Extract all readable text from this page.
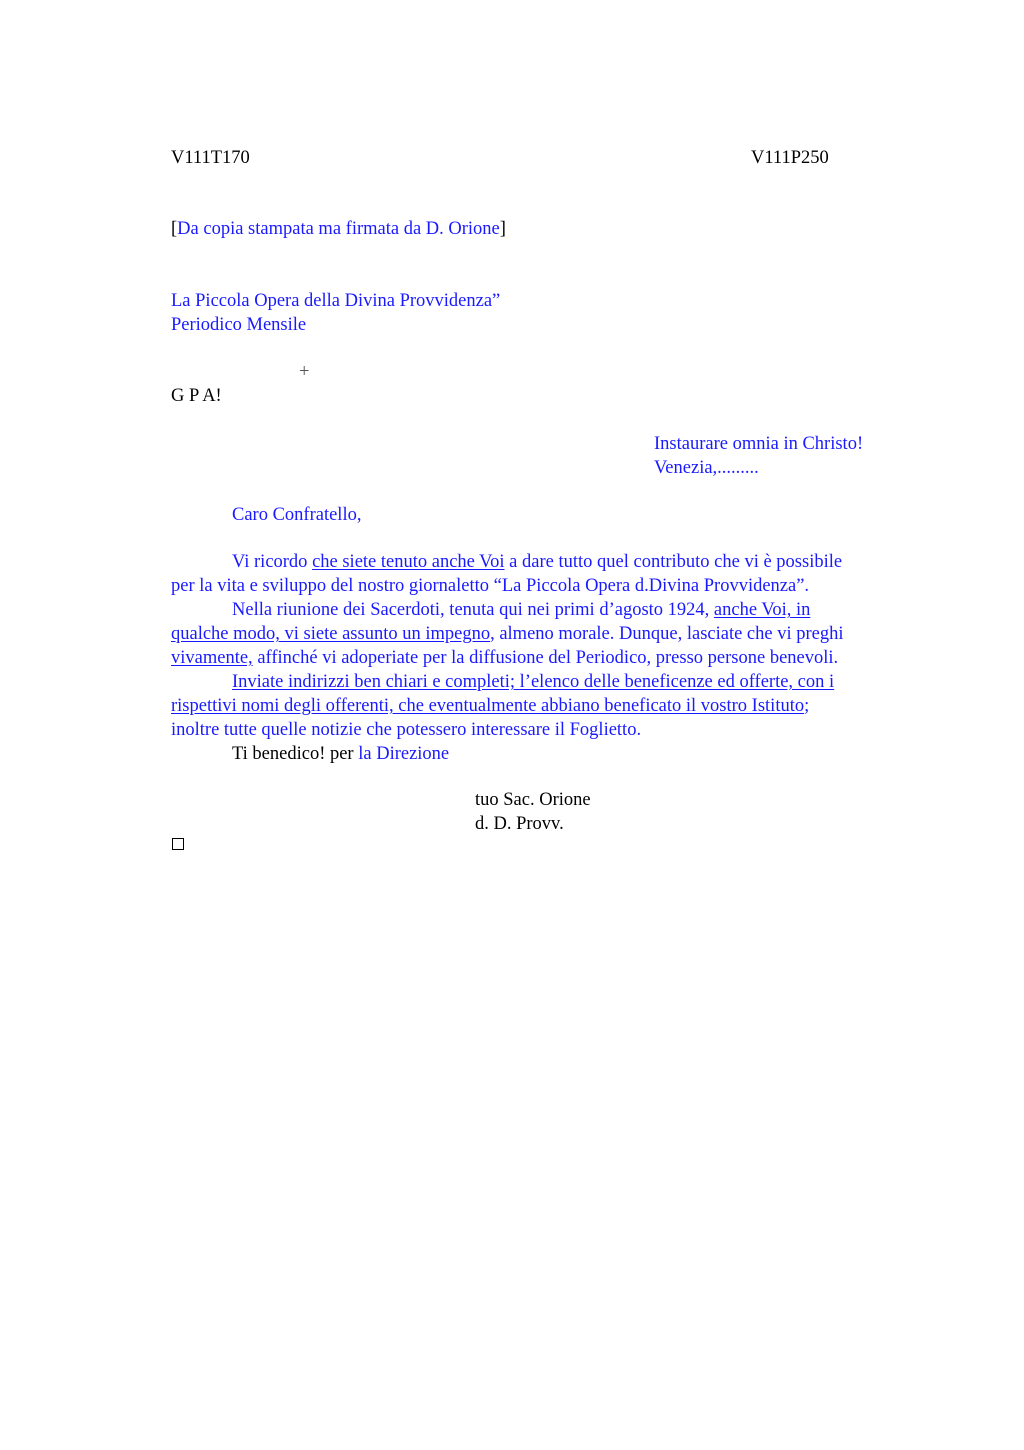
V111T170	V111P250
[Da copia stampata ma firmata da D. Orione]
La Piccola Opera della Divina Provvidenza”
Periodico Mensile
+
G P A!
Instaurare omnia in Christo!
Venezia,.........
Caro Confratello,
Vi ricordo che siete tenuto anche Voi a dare tutto quel contributo che vi è possibile
per la vita e sviluppo del nostro giornaletto “La Piccola Opera d.Divina Provvidenza”.
Nella riunione dei Sacerdoti, tenuta qui nei primi d’agosto 1924, anche Voi, in
qualche modo, vi siete assunto un impegno, almeno morale. Dunque, lasciate che vi preghi
vivamente, affinché vi adoperiate per la diffusione del Periodico, presso persone benevoli.
Inviate indirizzi ben chiari e completi; l’elenco delle beneficenze ed offerte, con i
rispettivi nomi degli offerenti, che eventualmente abbiano beneficato il vostro Istituto;
inoltre tutte quelle notizie che potessero interessare il Foglietto.
Ti benedico! per la Direzione
tuo Sac. Orione
d. D. Provv.
